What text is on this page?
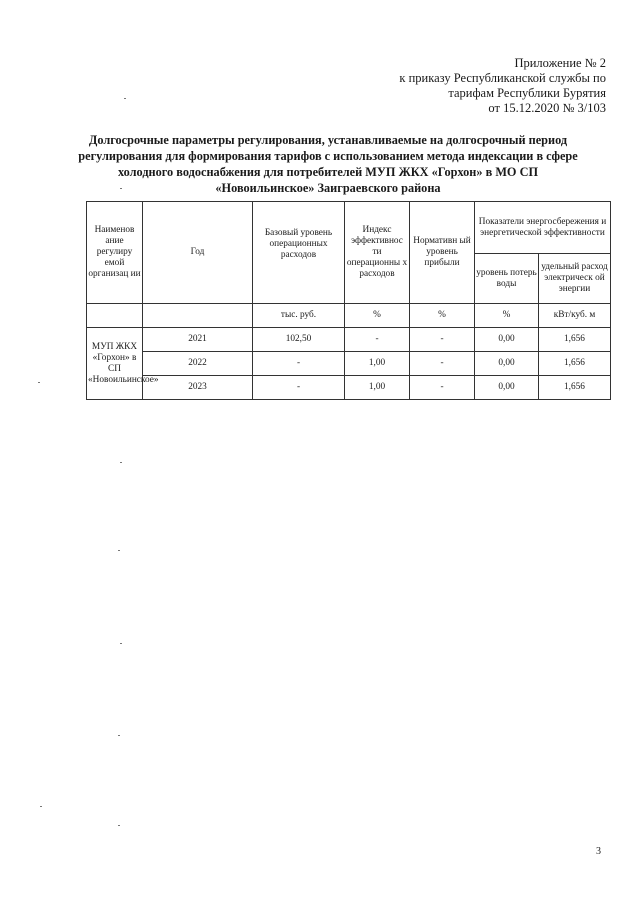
Приложение № 2
к приказу Республиканской службы по
тарифам Республики Бурятия
от 15.12.2020 № 3/103
Долгосрочные параметры регулирования, устанавливаемые на долгосрочный период
регулирования для формирования тарифов с использованием метода индексации в сфере
холодного водоснабжения для потребителей МУП ЖКХ «Горхон» в МО СП
«Новоильинское» Заиграевского района
Наименов ание регулиру емой организац ии	Год	Базовый уровень операционных расходов	Индекс эффективнос ти операционны х расходов	Нормативн ый уровень прибыли	Показатели энергосбережения и энергетической эффективности	
					уровень потерь воды	удельный расход электрическ ой энергии
		тыс. руб.	%	%	%	кВт/куб. м
МУП ЖКХ «Горхон» в СП «Новоильинское»	2021	102,50	-	-	0,00	1,656
	2022	-	1,00	-	0,00	1,656
	2023	-	1,00	-	0,00	1,656
3
